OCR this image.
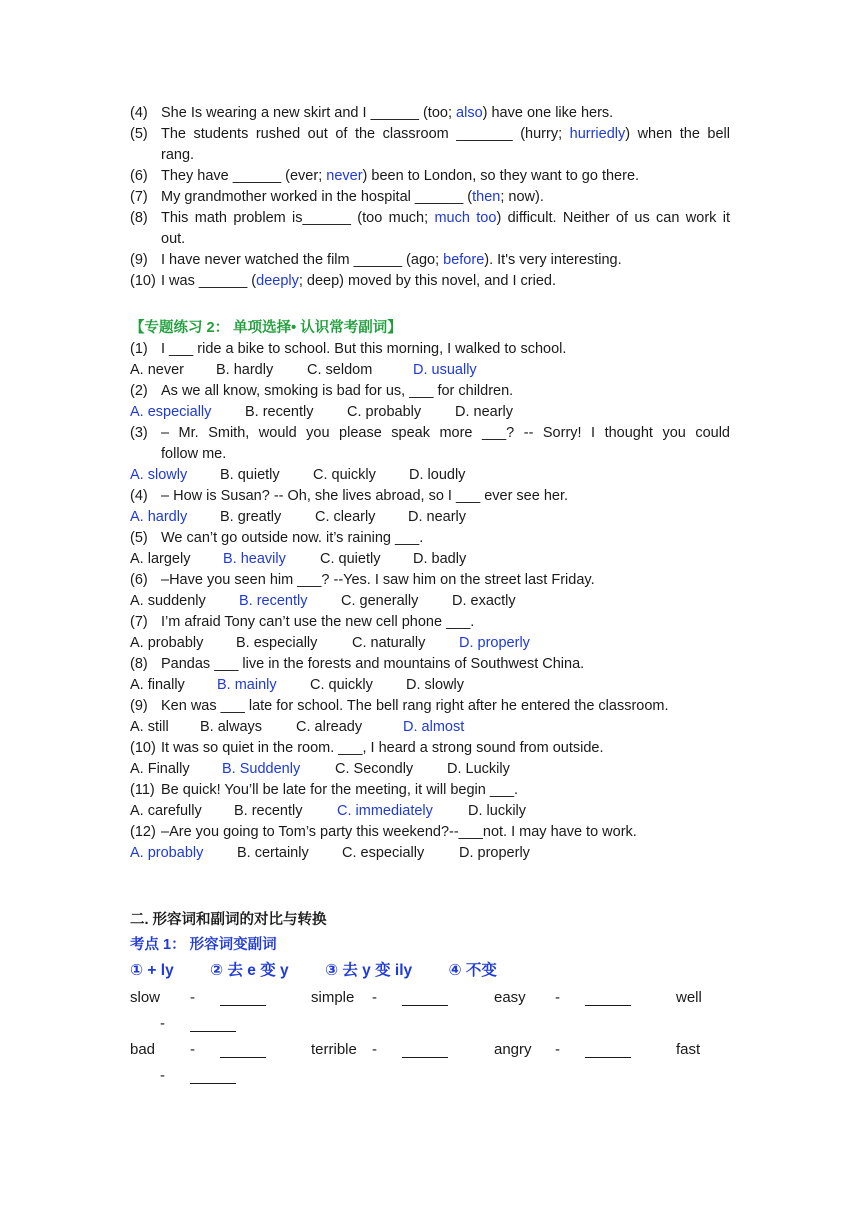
(4) She Is wearing a new skirt and I ______ (too; also) have one like hers.
(5) The students rushed out of the classroom _______ (hurry; hurriedly) when the bell
rang.
(6) They have ______ (ever; never) been to London, so they want to go there.
(7) My grandmother worked in the hospital ______ (then; now).
(8) This math problem is______ (too much; much too) difficult. Neither of us can work it
out.
(9) I have never watched the film ______ (ago; before). It's very interesting.
(10) I was ______ (deeply; deep) moved by this novel, and I cried.
【专题练习 2： 单项选择• 认识常考副词】
(1) I ___ ride a bike to school. But this morning, I walked to school.
A. never B. hardly C. seldom	D. usually
(2) As we all know, smoking is bad for us, ___ for children.
A. especially B. recently C. probably D. nearly
(3) – Mr. Smith, would you please speak more ___? -- Sorry! I thought you could
follow me.
A. slowly B. quietly C. quickly D. loudly
(4) – How is Susan? -- Oh, she lives abroad, so I ___ ever see her.
A. hardly B. greatly C. clearly D. nearly
(5) We can’t go outside now. it’s raining ___.
A. largely B. heavily C. quietly D. badly
(6) –Have you seen him ___? --Yes. I saw him on the street last Friday.
A. suddenly B. recently C. generally D. exactly
(7) I’m afraid Tony can’t use the new cell phone ___.
A. probably B. especially C. naturally D. properly
(8) Pandas ___ live in the forests and mountains of Southwest China.
A. finally B. mainly C. quickly D. slowly
(9) Ken was ___ late for school. The bell rang right after he entered the classroom.
A. still B. always C. already	D. almost
(10) It was so quiet in the room. ___, I heard a strong sound from outside.
A. Finally B. Suddenly C. Secondly D. Luckily
(11) Be quick! You’ll be late for the meeting, it will begin ___.
A. carefully B. recently C. immediately D. luckily
(12) –Are you going to Tom’s party this weekend?--___not. I may have to work.
A. probably B. certainly C. especially D. properly
二. 形容词和副词的对比与转换
考点 1： 形容词变副词
① + ly ② 去 e 变 y ③ 去 y 变 ily ④ 不变
slow -	simple -	easy -	well
-
bad -	terrible -	angry -	fast
-
